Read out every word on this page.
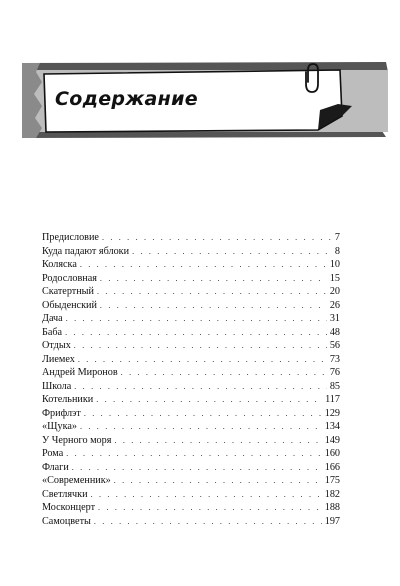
Содержание
Предисловие . . .	7
Куда падают яблоки . . .	8
Коляска . . .	10
Родословная . . .	15
Скатертный . . .	20
Обыденский . . .	26
Дача . . .	31
Баба . . .	48
Отдых . . .	56
Лиемех . . .	73
Андрей Миронов . . .	76
Школа . . .	85
Котельники . . .	117
Фрифлэт . . .	129
«Щука» . . .	134
У Черного моря . . .	149
Рома . . .	160
Флаги . . .	166
«Современник» . . .	175
Светлячки . . .	182
Москонцерт . . .	188
Самоцветы . . .	197
